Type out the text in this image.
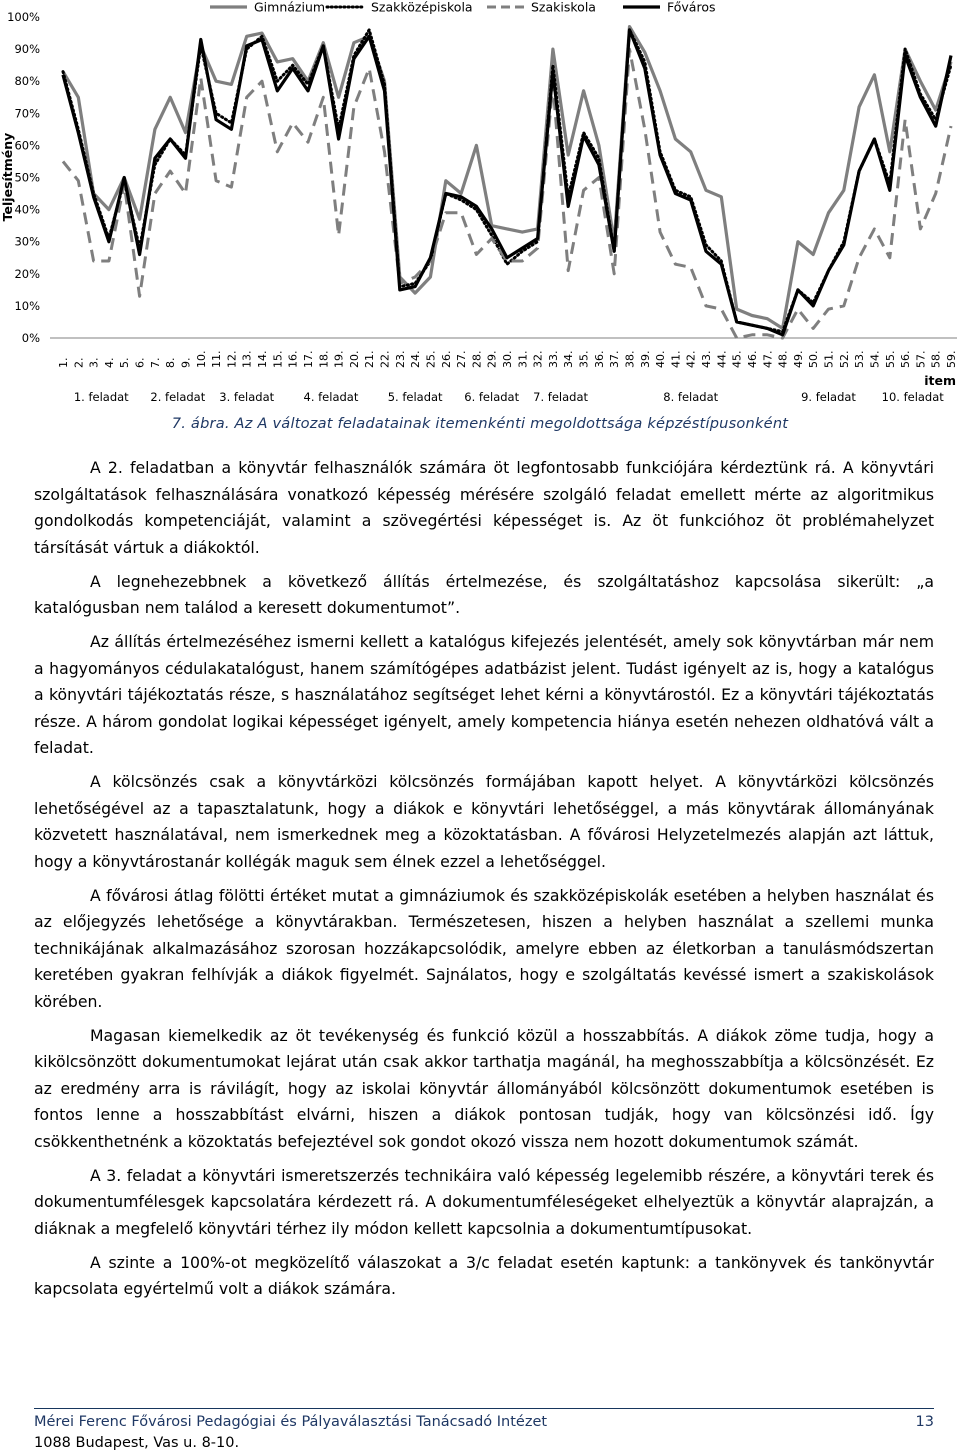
0%
10%
20%
30%
40%
50%
60%
70%
80%
90%
100%
Teljesítmény
Gimnázium	Szakközépiskola	Szakiskola	Főváros
1. 2. 3. 4. 5. 6. 7. 8. 9. 10. 11. 12. 13. 14. 15. 16. 17. 18. 19. 20. 21. 22. 23. 24. 25. 26. 27. 28. 29. 30. 31. 32. 33. 34. 35. 36. 37. 38. 39. 40. 41. 42. 43. 44. 45. 46. 47. 48. 49. 50. 51. 52. 53. 54. 55. 56. 57. 58. 59.
item
1. feladat 2. feladat 3. feladat	4. feladat	5. feladat 6. feladat 7. feladat	8. feladat	9. feladat 10. feladat
7. ábra. Az A változat feladatainak itemenkénti megoldottsága képzéstípusonként

A 2. feladatban a könyvtár felhasználók számára öt legfontosabb funkciójára kérdeztünk rá. A könyvtári szolgáltatások felhasználására vonatkozó képesség mérésére szolgáló feladat emellett mérte az algoritmikus gondolkodás kompetenciáját, valamint a szövegértési képességet is. Az öt funkcióhoz öt problémahelyzet társítását vártuk a diákoktól.

A legnehezebbnek a következő állítás értelmezése, és szolgáltatáshoz kapcsolása sikerült: „a katalógusban nem találod a keresett dokumentumot”.

Az állítás értelmezéséhez ismerni kellett a katalógus kifejezés jelentését, amely sok könyvtárban már nem a hagyományos cédulakatalógust, hanem számítógépes adatbázist jelent. Tudást igényelt az is, hogy a katalógus a könyvtári tájékoztatás része, s használatához segítséget lehet kérni a könyvtárostól. Ez a könyvtári tájékoztatás része. A három gondolat logikai képességet igényelt, amely kompetencia hiánya esetén nehezen oldhatóvá vált a feladat.

A kölcsönzés csak a könyvtárközi kölcsönzés formájában kapott helyet. A könyvtárközi kölcsönzés lehetőségével az a tapasztalatunk, hogy a diákok e könyvtári lehetőséggel, a más könyvtárak állományának közvetett használatával, nem ismerkednek meg a közoktatásban. A fővárosi Helyzetelmezés alapján azt láttuk, hogy a könyvtárostanár kollégák maguk sem élnek ezzel a lehetőséggel.

A fővárosi átlag fölötti értéket mutat a gimnáziumok és szakközépiskolák esetében a helyben használat és az előjegyzés lehetősége a könyvtárakban. Természetesen, hiszen a helyben használat a szellemi munka technikájának alkalmazásához szorosan hozzákapcsolódik, amelyre ebben az életkorban a tanulásmódszertan keretében gyakran felhívják a diákok figyelmét. Sajnálatos, hogy e szolgáltatás kevéssé ismert a szakiskolások körében.

Magasan kiemelkedik az öt tevékenység és funkció közül a hosszabbítás. A diákok zöme tudja, hogy a kikölcsönzött dokumentumokat lejárat után csak akkor tarthatja magánál, ha meghosszabbítja a kölcsönzését. Ez az eredmény arra is rávilágít, hogy az iskolai könyvtár állományából kölcsönzött dokumentumok esetében is fontos lenne a hosszabbítást elvárni, hiszen a diákok pontosan tudják, hogy van kölcsönzési idő. Így csökkenthetnénk a közoktatás befejeztével sok gondot okozó vissza nem hozott dokumentumok számát.

A 3. feladat a könyvtári ismeretszerzés technikáira való képesség legelemibb részére, a könyvtári terek és dokumentumfélesgek kapcsolatára kérdezett rá. A dokumentumféleségeket elhelyeztük a könyvtár alaprajzán, a diáknak a megfelelő könyvtári térhez ily módon kellett kapcsolnia a dokumentumtípusokat.

A szinte a 100%-ot megközelítő válaszokat a 3/c feladat esetén kaptunk: a tankönyvek és tankönyvtár kapcsolata egyértelmű volt a diákok számára.

Mérei Ferenc Fővárosi Pedagógiai és Pályaválasztási Tanácsadó Intézet	13
1088 Budapest, Vas u. 8-10.
